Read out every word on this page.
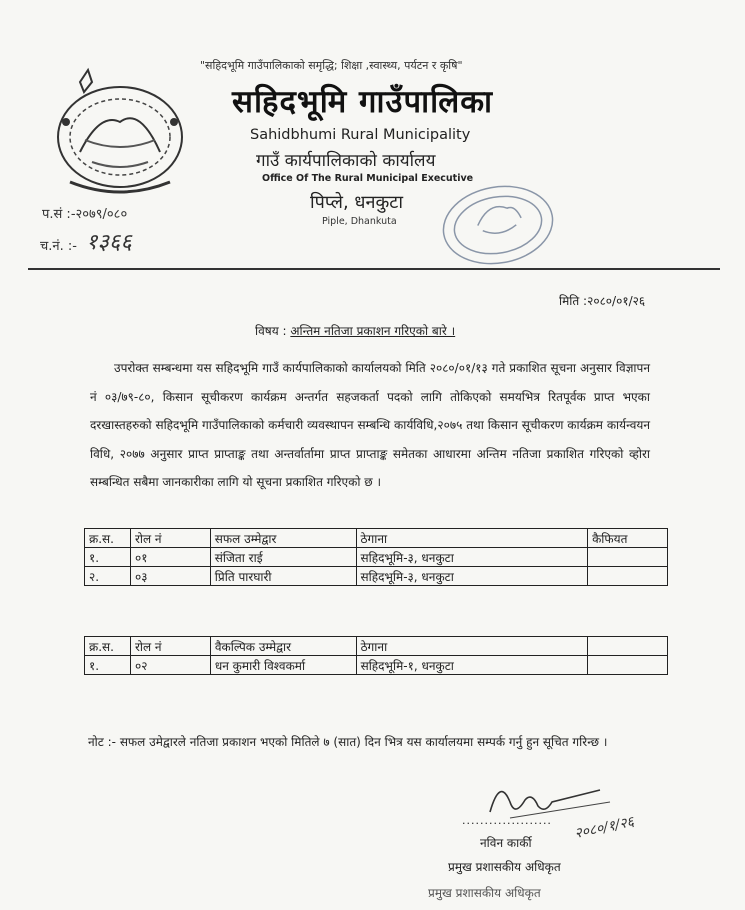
"सहिदभूमि गाउँपालिकाको समृद्धि; शिक्षा ,स्वास्थ्य, पर्यटन र कृषि"
सहिदभूमि गाउँपालिका
Sahidbhumi Rural Municipality
गाउँ कार्यपालिकाको कार्यालय
Office Of The Rural Municipal Executive
पिप्ले, धनकुटा
Piple, Dhankuta
प.सं :-२०७९/०८०
च.नं. :- १३६६
मिति :२०८०/०१/२६
विषय : अन्तिम नतिजा प्रकाशन गरिएको बारे ।
उपरोक्त सम्बन्धमा यस सहिदभूमि गाउँ कार्यपालिकाको कार्यालयको मिति २०८०/०१/१३ गते प्रकाशित सूचना अनुसार विज्ञापन नं ०३/७९-८०, किसान सूचीकरण कार्यक्रम अन्तर्गत सहजकर्ता पदको लागि तोकिएको समयभित्र रितपूर्वक प्राप्त भएका दरखास्तहरुको सहिदभूमि गाउँपालिकाको कर्मचारी व्यवस्थापन सम्बन्धि कार्यविधि,२०७५ तथा किसान सूचीकरण कार्यक्रम कार्यन्वयन विधि, २०७७ अनुसार प्राप्त प्राप्ताङ्क तथा अन्तर्वार्तामा प्राप्त प्राप्ताङ्क समेतका आधारमा अन्तिम नतिजा प्रकाशित गरिएको व्होरा सम्बन्धित सबैमा जानकारीका लागि यो सूचना प्रकाशित गरिएको छ ।
क्र.स.	रोल नं	सफल उम्मेद्वार	ठेगाना	कैफियत
१.	०१	संजिता राई	सहिदभूमि-३, धनकुटा	
२.	०३	प्रिति पारघारी	सहिदभूमि-३, धनकुटा	
क्र.स.	रोल नं	वैकल्पिक उम्मेद्वार	ठेगाना	
१.	०२	धन कुमारी विश्वकर्मा	सहिदभूमि-१, धनकुटा	
नोट :- सफल उमेद्वारले नतिजा प्रकाशन भएको मितिले ७ (सात) दिन भित्र यस कार्यालयमा सम्पर्क गर्नु हुन सूचित गरिन्छ ।
.................... २०८०/१/२६
नविन कार्की
प्रमुख प्रशासकीय अधिकृत
प्रमुख प्रशासकीय अधिकृत
